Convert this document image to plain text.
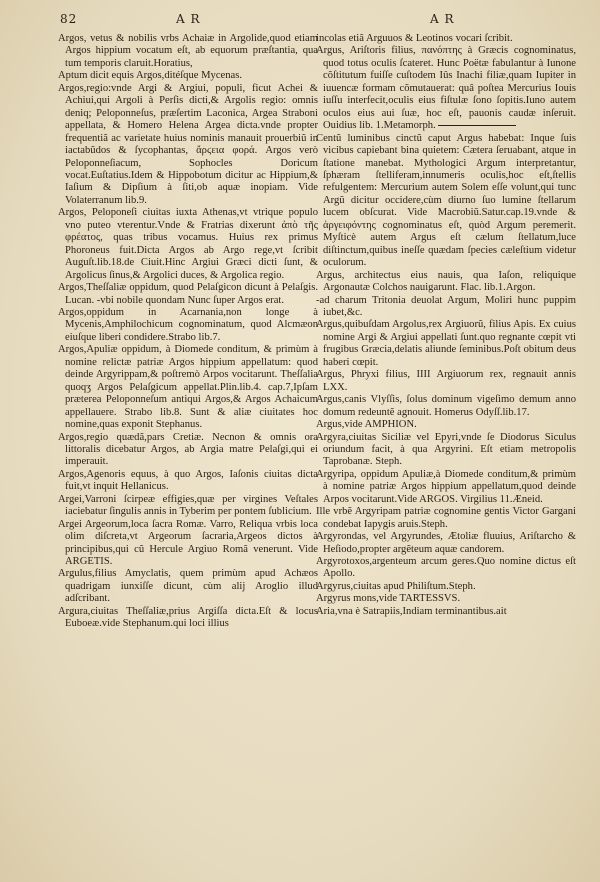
82	A R	A R

Argos, vetus & nobilis vrbs Achaiæ in Argolide,quod etiam Argos hippium vocatum eſt, ab equorum præſtantia, qua tum temporis claruit.Horatius,

Aptum dicit equis Argos,ditéſque Mycenas.

Argos,regio:vnde Argi & Argiui, populi, ficut Achei & Achiui,qui Argoli à Perſis dicti,& Argolis regio: omnis deniq; Peloponneſus, præſertim Laconica, Argea Straboni appellata, & Homero Helena Argea dicta.vnde propter frequentiã ac varietate huius nominis manauit prouerbiũ in iactabũdos & ſycophantas, ἄρϛεια φορά. Argos verò Peloponneſiacum, Sophocles Doricum vocat.Euſtatius.Idem & Hippobotum dicitur ac Hippium,& Iaſium & Dipſium à ſiti,ob aquæ inopiam. Vide Volaterranum lib.9.

Argos, Peloponeſi ciuitas iuxta Athenas,vt vtrique populo vno puteo vterentur.Vnde & Fratrias dixerunt ἀπὸ τῆς φρέατος, quas tribus vocamus. Huius rex primus Phoroneus fuit.Dicta Argos ab Argo rege,vt ſcribit Auguſt.lib.18.de Ciuit.Hinc Argiui Græci dicti ſunt, & Argolicus ſinus,& Argolici duces, & Argolica regio.

Argos,Theſſaliæ oppidum, quod Pelaſgicon dicunt à Pelaſgis. Lucan. -vbi nobile quondam Nunc ſuper Argos erat.

Argos,oppidum in Acarnania,non longe à Mycenis,Amphilochicum cognominatum, quod Alcmæon eiuſque liberi condidere.Strabo lib.7.

Argos,Apuliæ oppidum, à Diomede conditum, & primùm à nomine relictæ patriæ Argos hippium appellatum: quod deinde Argyrippam,& poſtremò Arpos vocitarunt. Theſſalia quoqʒ Argos Pelaſgicum appellat.Plin.lib.4. cap.7,Ipſam præterea Peloponneſum antiqui Argos,& Argos Achaicum appellauere. Strabo lib.8. Sunt & aliæ ciuitates hoc nomine,quas exponit Stephanus.

Argos,regio quædã,pars Cretiæ. Necnon & omnis ora littoralis dicebatur Argos, ab Argia matre Pelaſgi,qui ei imperauit.

Argos,Agenoris equus, à quo Argos, Iaſonis ciuitas dicta fuit,vt inquit Hellanicus.

Argei,Varroni ſcirpeæ effigies,quæ per virgines Veſtales iaciebatur ſingulis annis in Tyberim per pontem ſublicium.

Argei Argeorum,loca ſacra Romæ. Varro, Reliqua vrbis loca olim diſcreta,vt Argeorum ſacraria,Argeos dictos à principibus,qui cũ Hercule Argiuo Romã venerunt. Vide ARGETIS.

Argulus,filius Amyclatis, quem primùm apud Achæos quadrigam iunxiſſe dicunt, cùm alij Aroglio illud adſcribant.

Argura,ciuitas Theſſaliæ,prius Argiſſa dicta.Eſt & locus Eubοeæ.vide Stephanum.qui loci illius

incolas etiã Arguuos & Leotinos vocari ſcribit.

Argus, Ariſtoris filius, πανόπτης à Græcis cognominatus, quod totus oculis ſcateret. Hunc Poëtæ fabulantur à Iunone cõſtitutum fuiſſe cuſtodem Iûs Inachi filiæ,quam Iupiter in iuuencæ formam cõmutauerat: quâ poſtea Mercurius Iouis iuſſu interfecit,oculis eius fiſtulæ ſono ſopitis.Iuno autem oculos eius aui ſuæ, hoc eſt, pauonis caudæ inſeruit. Ouidius lib. 1.Metamorph.

Centũ luminibus cinctũ caput Argus habebat: Inque ſuis vicibus capiebant bina quietem: Cætera ſeruabant, atque in ſtatione manebat. Mythologici Argum interpretantur, ſphæram ſtelliferam,innumeris oculis,hoc eſt,ſtellis refulgentem: Mercurium autem Solem eſſe volunt,qui tunc Argũ dicitur occidere,cùm diurno ſuo lumine ſtellarum lucem obſcurat. Vide Macrobiũ.Satur.cap.19.vnde & ἀργειφόντης cognominatus eſt, quòd Argum peremerit. Myſticè autem Argus eſt cælum ſtellatum,luce diſtinctum,quibus ineſſe quædam ſpecies cæleſtium videtur oculorum.

Argus, architectus eius nauis, qua Iaſon, reliquique Argonautæ Colchos nauigarunt. Flac. lib.1.Argon.

-ad charum Tritonia deuolat Argum, Moliri hunc puppim iubet,&c.

Argus,quibuſdam Argolus,rex Argiuorũ, filius Apis. Ex cuius nomine Argi & Argiui appellati ſunt.quo regnante cœpit vti frugibus Græcia,delatis aliunde ſeminibus.Poſt obitum deus haberi cœpit.

Argus, Phryxi filius, IIII Argiuorum rex, regnauit annis LXX.

Argus,canis Vlyſſis, ſolus dominum vigeſimo demum anno domum redeuntẽ agnouit. Homerus Odyſſ.lib.17.

Argus,vide AMPHION.

Argyra,ciuitas Siciliæ vel Epyri,vnde ſe Diodorus Siculus oriundum facit, à qua Argyrini. Eſt etiam metropolis Taprobanæ. Steph.

Argyripa, oppidum Apuliæ,à Diomede conditum,& primùm à nomine patriæ Argos hippium appellatum,quod deinde Arpos vocitarunt.Vide ARGOS. Virgilius 11.Æneid.

Ille vrbẽ Argyripam patriæ cognomine gentis Victor Gargani condebat Iapygis aruis.Steph.

Argyrondas, vel Argyrundes, Ætoliæ fluuius, Ariſtarcho & Heſiodo,propter argẽteum aquæ candorem.

Argyrotoxos,argenteum arcum geres.Quo nomine dictus eſt Apollo.

Argyrus,ciuitas apud Philiſtum.Steph.

Argyrus mons,vide TARTESSVS.

Aria,vna è Satrapiis,Indiam terminantibus.ait
